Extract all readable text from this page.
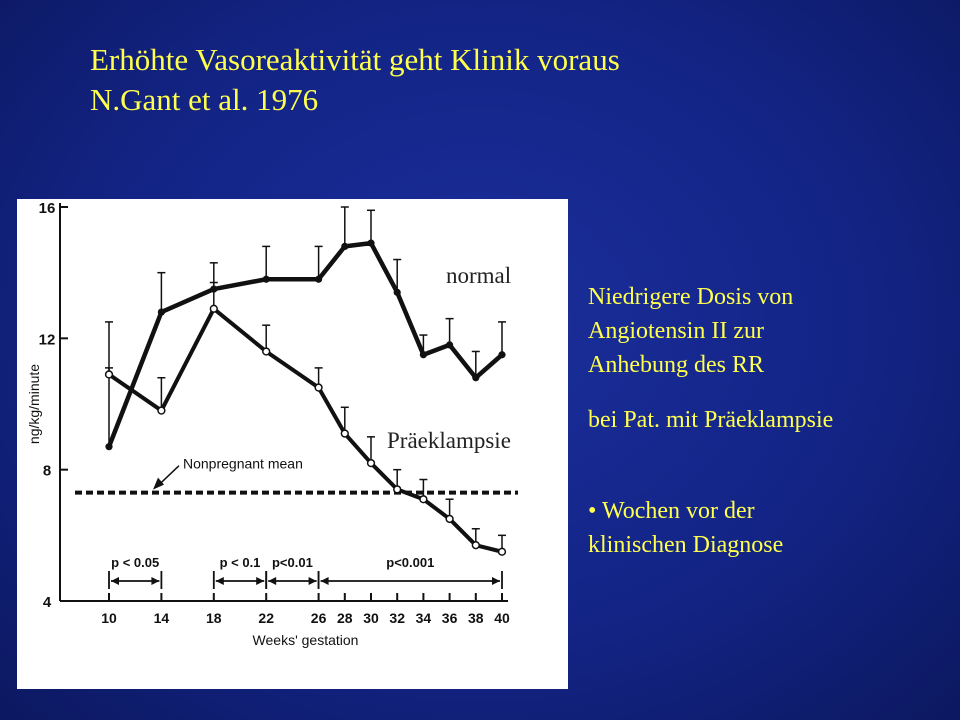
Erhöhte Vasoreaktivität geht Klinik voraus
N.Gant et al. 1976
4
8
12
16
ng/kg/minute
10	14	18	22	26 28 30 32 34 36 38 40
Weeks' gestation
Nonpregnant mean
p < 0.05	p < 0.1 p<0.01	p<0.001
normal
Präeklampsie
Niedrigere Dosis von
Angiotensin II zur
Anhebung des RR
bei Pat. mit Präeklampsie
• Wochen vor der
klinischen Diagnose
